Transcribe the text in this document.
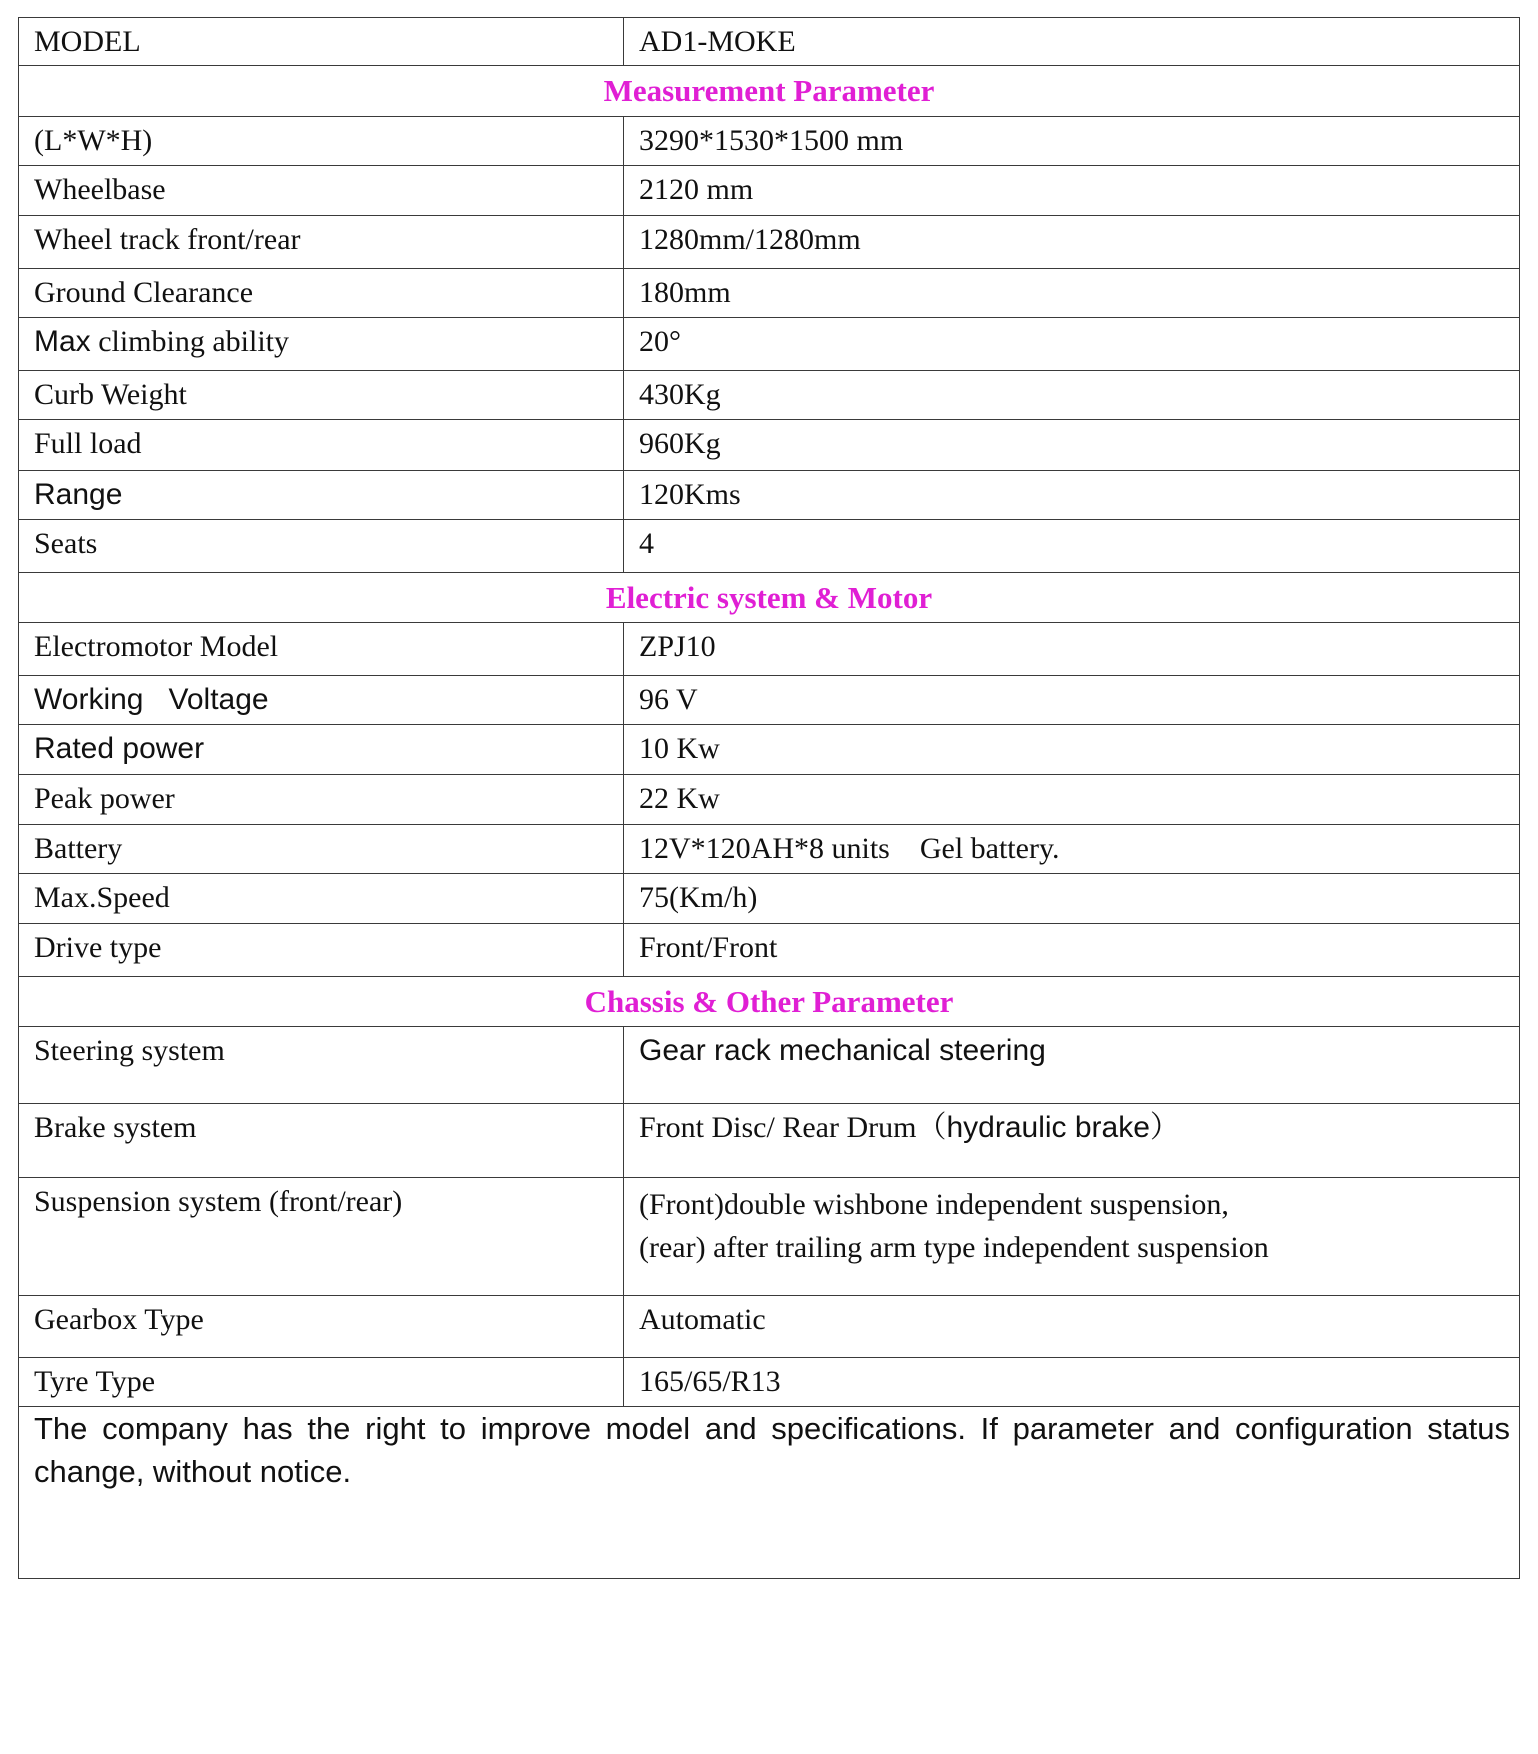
MODEL	AD1-MOKE
Measurement Parameter	
(L*W*H)	3290*1530*1500 mm
Wheelbase	2120 mm
Wheel track front/rear	1280mm/1280mm
Ground Clearance	180mm
Max climbing ability	20°
Curb Weight	430Kg
Full load	960Kg
Range	120Kms
Seats	4
Electric system & Motor	
Electromotor Model	ZPJ10
Working   Voltage	96 V
Rated power	10 Kw
Peak power	22 Kw
Battery	12V*120AH*8 units    Gel battery.
Max.Speed	75(Km/h)
Drive type	Front/Front
Chassis & Other Parameter	
Steering system	Gear rack mechanical steering
Brake system	Front Disc/ Rear Drum（hydraulic brake）
Suspension system (front/rear)	(Front)double wishbone independent suspension,
(rear) after trailing arm type independent suspension

Gearbox Type	Automatic
Tyre Type	165/65/R13
The company has the right to improve model and specifications. If parameter and configuration status change, without notice.	
